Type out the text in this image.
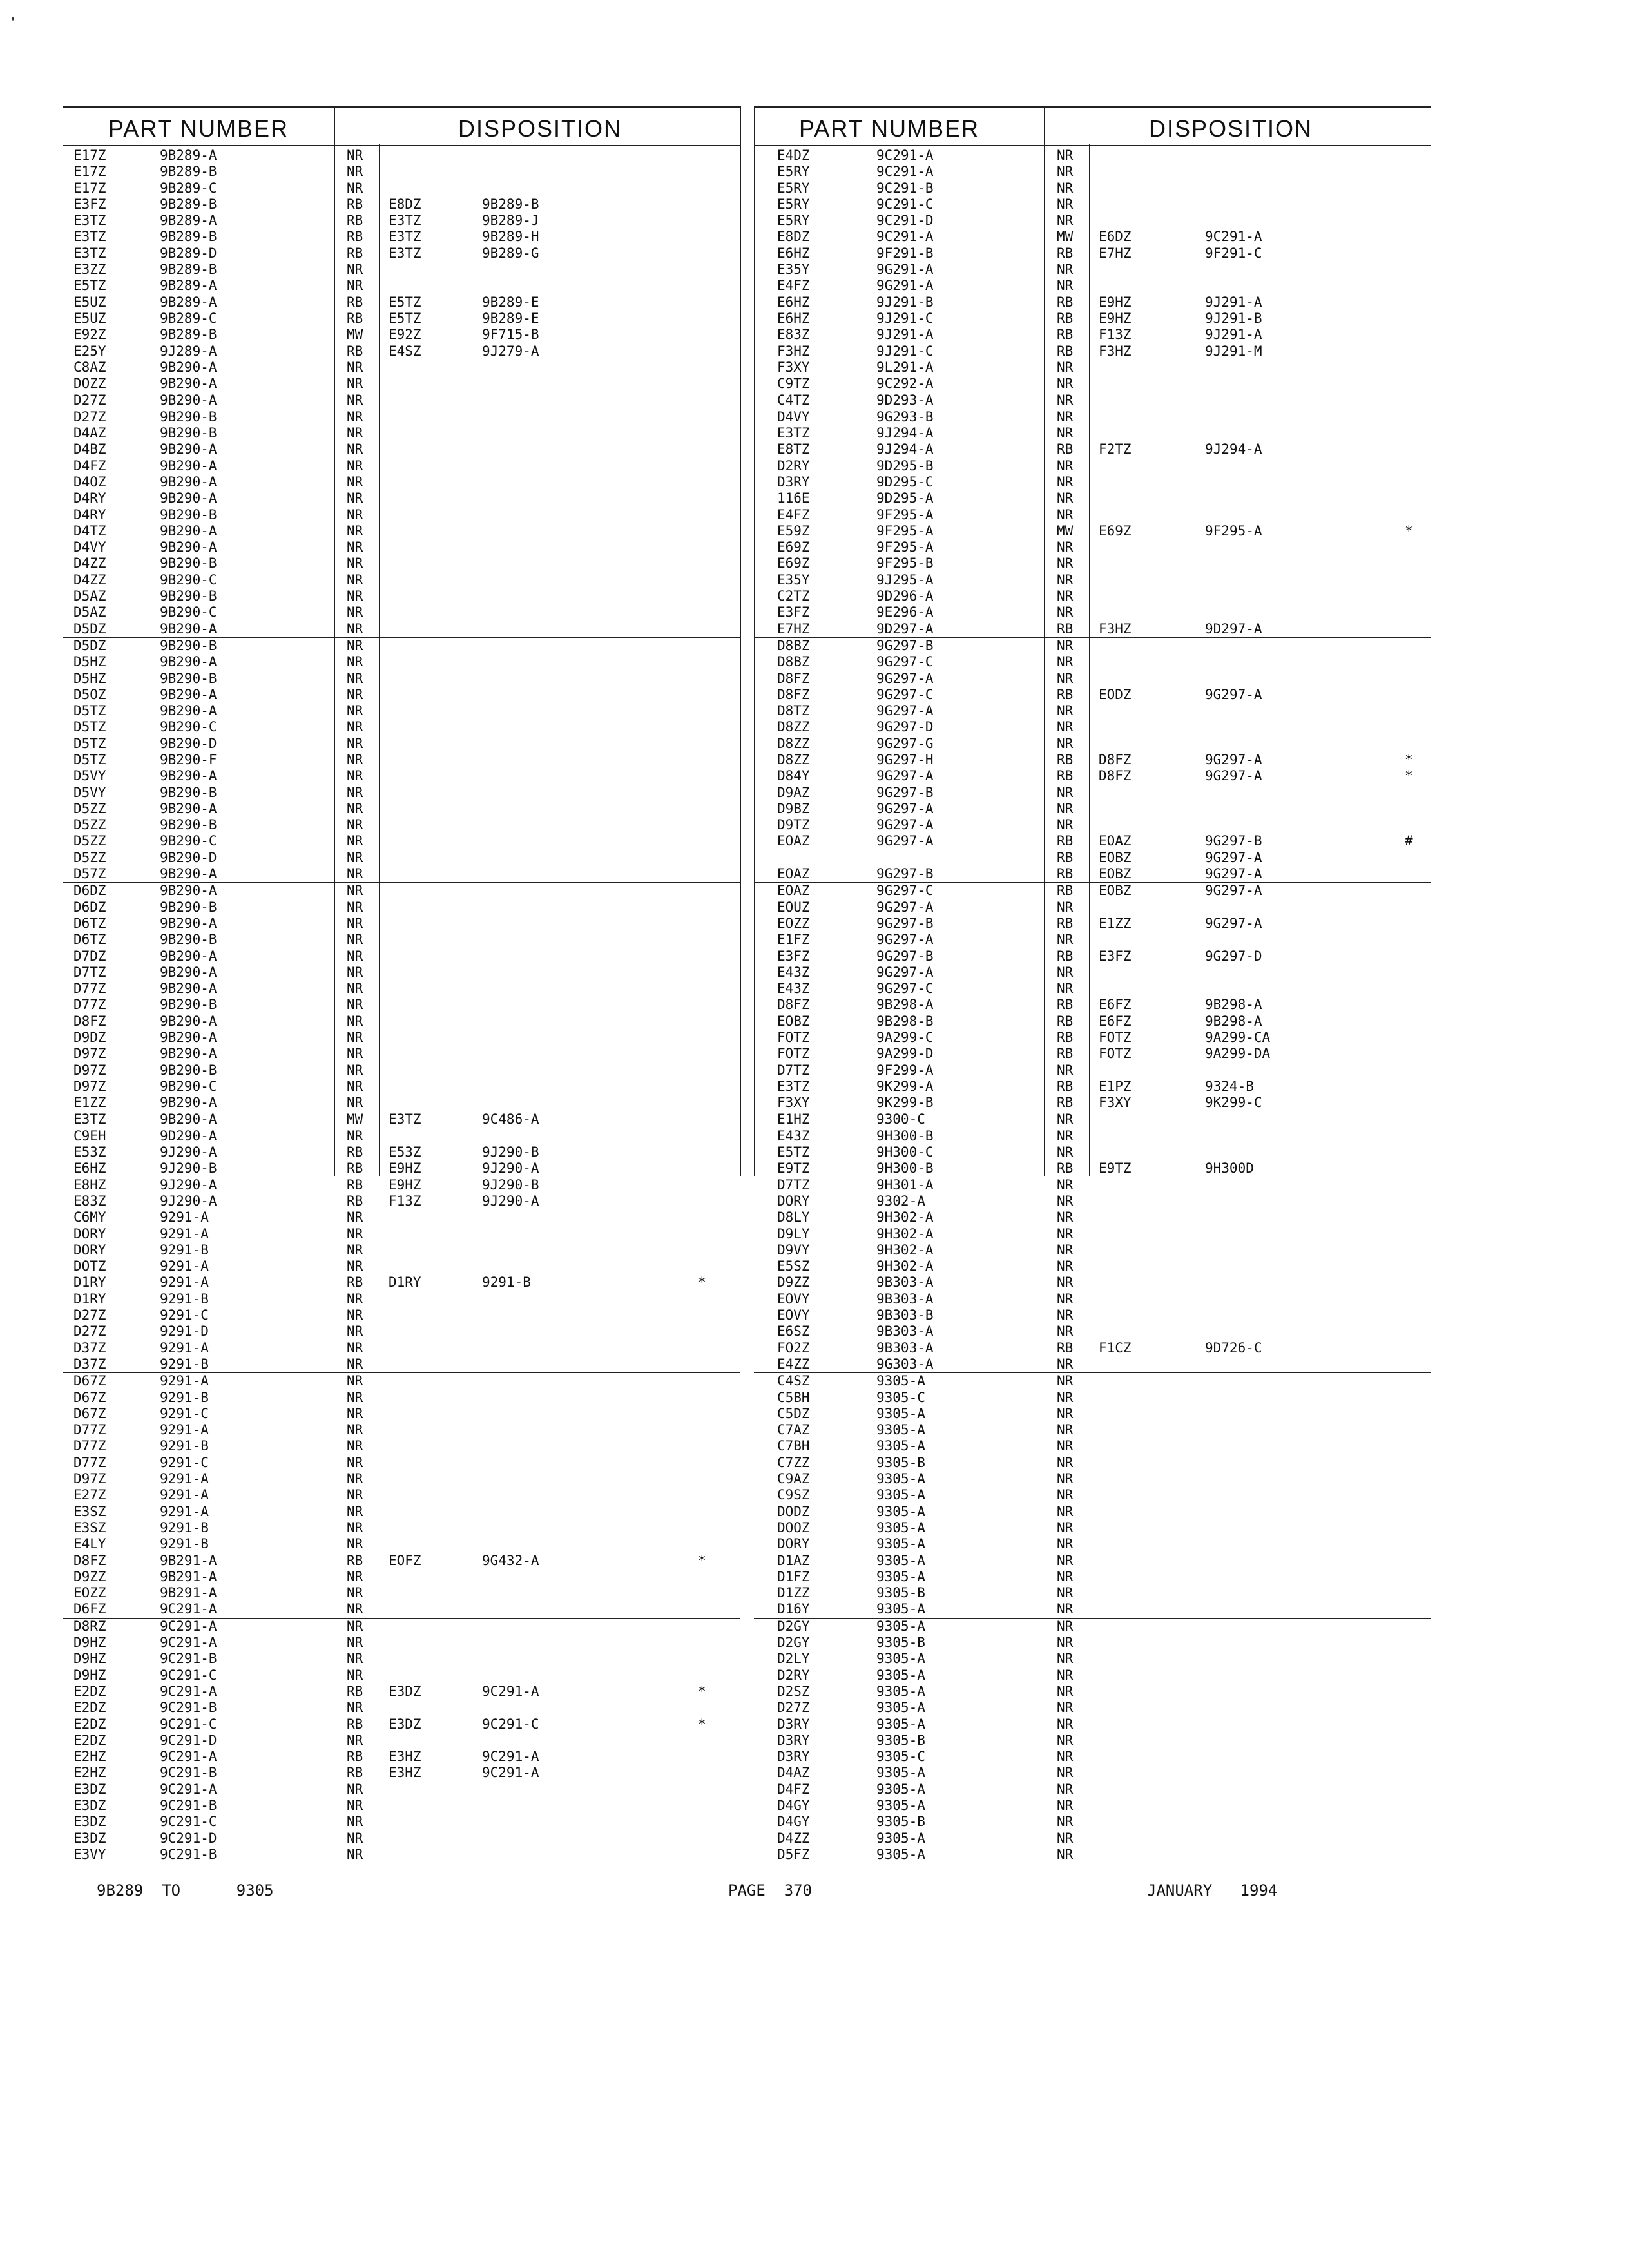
PART NUMBER	DISPOSITION
E17Z	9B289-A	NR
E17Z	9B289-B	NR
E17Z	9B289-C	NR
E3FZ	9B289-B	RB	E8DZ	9B289-B
E3TZ	9B289-A	RB	E3TZ	9B289-J
E3TZ	9B289-B	RB	E3TZ	9B289-H
E3TZ	9B289-D	RB	E3TZ	9B289-G
E3ZZ	9B289-B	NR
E5TZ	9B289-A	NR
E5UZ	9B289-A	RB	E5TZ	9B289-E
E5UZ	9B289-C	RB	E5TZ	9B289-E
E92Z	9B289-B	MW	E92Z	9F715-B
E25Y	9J289-A	RB	E4SZ	9J279-A
C8AZ	9B290-A	NR
DOZZ	9B290-A	NR
D27Z	9B290-A	NR
D27Z	9B290-B	NR
D4AZ	9B290-B	NR
D4BZ	9B290-A	NR
D4FZ	9B290-A	NR
D4OZ	9B290-A	NR
D4RY	9B290-A	NR
D4RY	9B290-B	NR
D4TZ	9B290-A	NR
D4VY	9B290-A	NR
D4ZZ	9B290-B	NR
D4ZZ	9B290-C	NR
D5AZ	9B290-B	NR
D5AZ	9B290-C	NR
D5DZ	9B290-A	NR
D5DZ	9B290-B	NR
D5HZ	9B290-A	NR
D5HZ	9B290-B	NR
D5OZ	9B290-A	NR
D5TZ	9B290-A	NR
D5TZ	9B290-C	NR
D5TZ	9B290-D	NR
D5TZ	9B290-F	NR
D5VY	9B290-A	NR
D5VY	9B290-B	NR
D5ZZ	9B290-A	NR
D5ZZ	9B290-B	NR
D5ZZ	9B290-C	NR
D5ZZ	9B290-D	NR
D57Z	9B290-A	NR
D6DZ	9B290-A	NR
D6DZ	9B290-B	NR
D6TZ	9B290-A	NR
D6TZ	9B290-B	NR
D7DZ	9B290-A	NR
D7TZ	9B290-A	NR
D77Z	9B290-A	NR
D77Z	9B290-B	NR
D8FZ	9B290-A	NR
D9DZ	9B290-A	NR
D97Z	9B290-A	NR
D97Z	9B290-B	NR
D97Z	9B290-C	NR
E1ZZ	9B290-A	NR
E3TZ	9B290-A	MW	E3TZ	9C486-A
C9EH	9D290-A	NR
E53Z	9J290-A	RB	E53Z	9J290-B
E6HZ	9J290-B	RB	E9HZ	9J290-A
E8HZ	9J290-A	RB	E9HZ	9J290-B
E83Z	9J290-A	RB	F13Z	9J290-A
C6MY	9291-A	NR
DORY	9291-A	NR
DORY	9291-B	NR
DOTZ	9291-A	NR
D1RY	9291-A	RB	D1RY	9291-B	*
D1RY	9291-B	NR
D27Z	9291-C	NR
D27Z	9291-D	NR
D37Z	9291-A	NR
D37Z	9291-B	NR
D67Z	9291-A	NR
D67Z	9291-B	NR
D67Z	9291-C	NR
D77Z	9291-A	NR
D77Z	9291-B	NR
D77Z	9291-C	NR
D97Z	9291-A	NR
E27Z	9291-A	NR
E3SZ	9291-A	NR
E3SZ	9291-B	NR
E4LY	9291-B	NR
D8FZ	9B291-A	RB	EOFZ	9G432-A	*
D9ZZ	9B291-A	NR
EOZZ	9B291-A	NR
D6FZ	9C291-A	NR
D8RZ	9C291-A	NR
D9HZ	9C291-A	NR
D9HZ	9C291-B	NR
D9HZ	9C291-C	NR
E2DZ	9C291-A	RB	E3DZ	9C291-A	*
E2DZ	9C291-B	NR
E2DZ	9C291-C	RB	E3DZ	9C291-C	*
E2DZ	9C291-D	NR
E2HZ	9C291-A	RB	E3HZ	9C291-A
E2HZ	9C291-B	RB	E3HZ	9C291-A
E3DZ	9C291-A	NR
E3DZ	9C291-B	NR
E3DZ	9C291-C	NR
E3DZ	9C291-D	NR
E3VY	9C291-B	NR
PART NUMBER	DISPOSITION
E4DZ	9C291-A	NR
E5RY	9C291-A	NR
E5RY	9C291-B	NR
E5RY	9C291-C	NR
E5RY	9C291-D	NR
E8DZ	9C291-A	MW	E6DZ	9C291-A
E6HZ	9F291-B	RB	E7HZ	9F291-C
E35Y	9G291-A	NR
E4FZ	9G291-A	NR
E6HZ	9J291-B	RB	E9HZ	9J291-A
E6HZ	9J291-C	RB	E9HZ	9J291-B
E83Z	9J291-A	RB	F13Z	9J291-A
F3HZ	9J291-C	RB	F3HZ	9J291-M
F3XY	9L291-A	NR
C9TZ	9C292-A	NR
C4TZ	9D293-A	NR
D4VY	9G293-B	NR
E3TZ	9J294-A	NR
E8TZ	9J294-A	RB	F2TZ	9J294-A
D2RY	9D295-B	NR
D3RY	9D295-C	NR
116E	9D295-A	NR
E4FZ	9F295-A	NR
E59Z	9F295-A	MW	E69Z	9F295-A	*
E69Z	9F295-A	NR
E69Z	9F295-B	NR
E35Y	9J295-A	NR
C2TZ	9D296-A	NR
E3FZ	9E296-A	NR
E7HZ	9D297-A	RB	F3HZ	9D297-A
D8BZ	9G297-B	NR
D8BZ	9G297-C	NR
D8FZ	9G297-A	NR
D8FZ	9G297-C	RB	EODZ	9G297-A
D8TZ	9G297-A	NR
D8ZZ	9G297-D	NR
D8ZZ	9G297-G	NR
D8ZZ	9G297-H	RB	D8FZ	9G297-A	*
D84Y	9G297-A	RB	D8FZ	9G297-A	*
D9AZ	9G297-B	NR
D9BZ	9G297-A	NR
D9TZ	9G297-A	NR
EOAZ	9G297-A	RB	EOAZ	9G297-B	#
RB	EOBZ	9G297-A
EOAZ	9G297-B	RB	EOBZ	9G297-A
EOAZ	9G297-C	RB	EOBZ	9G297-A
EOUZ	9G297-A	NR
EOZZ	9G297-B	RB	E1ZZ	9G297-A
E1FZ	9G297-A	NR
E3FZ	9G297-B	RB	E3FZ	9G297-D
E43Z	9G297-A	NR
E43Z	9G297-C	NR
D8FZ	9B298-A	RB	E6FZ	9B298-A
EOBZ	9B298-B	RB	E6FZ	9B298-A
FOTZ	9A299-C	RB	FOTZ	9A299-CA
FOTZ	9A299-D	RB	FOTZ	9A299-DA
D7TZ	9F299-A	NR
E3TZ	9K299-A	RB	E1PZ	9324-B
F3XY	9K299-B	RB	F3XY	9K299-C
E1HZ	9300-C	NR
E43Z	9H300-B	NR
E5TZ	9H300-C	NR
E9TZ	9H300-B	RB	E9TZ	9H300D
D7TZ	9H301-A	NR
DORY	9302-A	NR
D8LY	9H302-A	NR
D9LY	9H302-A	NR
D9VY	9H302-A	NR
E5SZ	9H302-A	NR
D9ZZ	9B303-A	NR
EOVY	9B303-A	NR
EOVY	9B303-B	NR
E6SZ	9B303-A	NR
FO2Z	9B303-A	RB	F1CZ	9D726-C
E4ZZ	9G303-A	NR
C4SZ	9305-A	NR
C5BH	9305-C	NR
C5DZ	9305-A	NR
C7AZ	9305-A	NR
C7BH	9305-A	NR
C7ZZ	9305-B	NR
C9AZ	9305-A	NR
C9SZ	9305-A	NR
DODZ	9305-A	NR
DOOZ	9305-A	NR
DORY	9305-A	NR
D1AZ	9305-A	NR
D1FZ	9305-A	NR
D1ZZ	9305-B	NR
D16Y	9305-A	NR
D2GY	9305-A	NR
D2GY	9305-B	NR
D2LY	9305-A	NR
D2RY	9305-A	NR
D2SZ	9305-A	NR
D27Z	9305-A	NR
D3RY	9305-A	NR
D3RY	9305-B	NR
D3RY	9305-C	NR
D4AZ	9305-A	NR
D4FZ	9305-A	NR
D4GY	9305-A	NR
D4GY	9305-B	NR
D4ZZ	9305-A	NR
D5FZ	9305-A	NR
9B289 TO	9305	PAGE 370	JANUARY 1994
'
